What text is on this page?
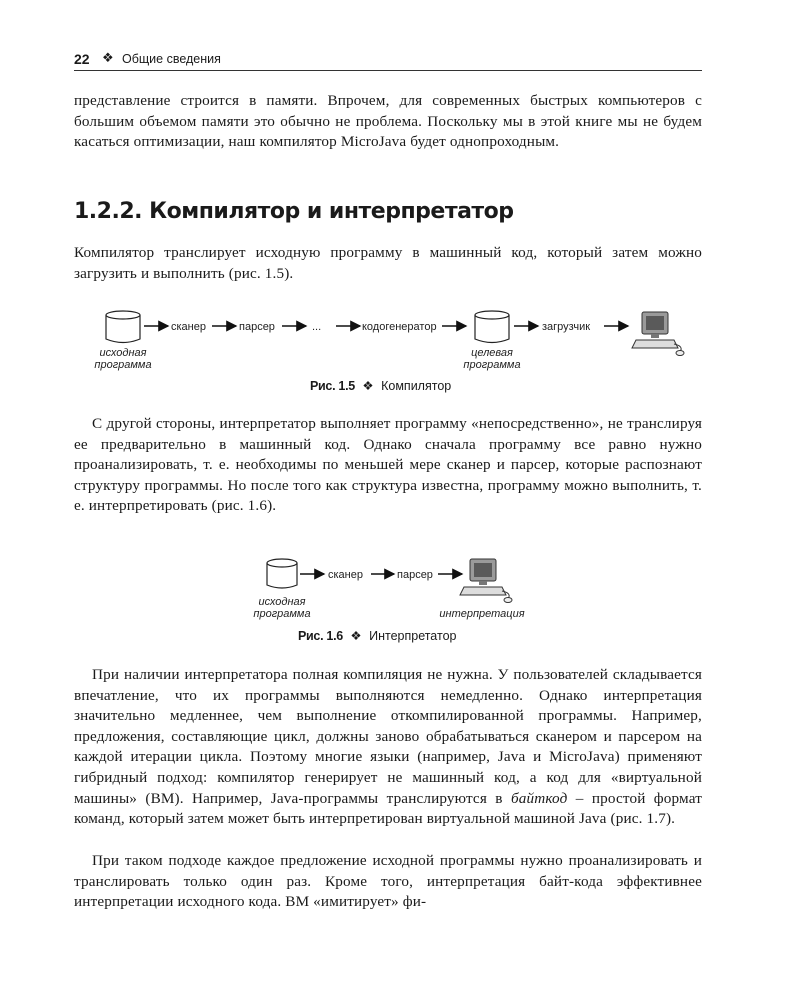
22 ❖ Общие сведения

представление строится в памяти. Впрочем, для современных быстрых компьютеров с большим объемом памяти это обычно не проблема. Поскольку мы в этой книге мы не будем касаться оптимизации, наш компилятор MicroJava будет однопроходным.

1.2.2. Компилятор и интерпретатор

Компилятор транслирует исходную программу в машинный код, который затем можно загрузить и выполнить (рис. 1.5).

сканер	парсер	...	кодогенератор	загрузчик
исходная
программа
целевая
программа
Рис. 1.5 ❖ Компилятор

С другой стороны, интерпретатор выполняет программу «непосредственно», не транслируя ее предварительно в машинный код. Однако сначала программу все равно нужно проанализировать, т. е. необходимы по меньшей мере сканер и парсер, которые распознают структуру программы. Но после того как структура известна, программу можно выполнить, т. е. интерпретировать (рис. 1.6).

сканер	парсер
исходная
программа	интерпретация
Рис. 1.6 ❖ Интерпретатор

При наличии интерпретатора полная компиляция не нужна. У пользователей складывается впечатление, что их программы выполняются немедленно. Однако интерпретация значительно медленнее, чем выполнение откомпилированной программы. Например, предложения, составляющие цикл, должны заново обрабатываться сканером и парсером на каждой итерации цикла. Поэтому многие языки (например, Java и MicroJava) применяют гибридный подход: компилятор генерирует не машинный код, а код для «виртуальной машины» (ВМ). Например, Java-программы транслируются в байткод – простой формат команд, который затем может быть интерпретирован виртуальной машиной Java (рис. 1.7).

При таком подходе каждое предложение исходной программы нужно проанализировать и транслировать только один раз. Кроме того, интерпретация байт-кода эффективнее интерпретации исходного кода. ВМ «имитирует» фи-
